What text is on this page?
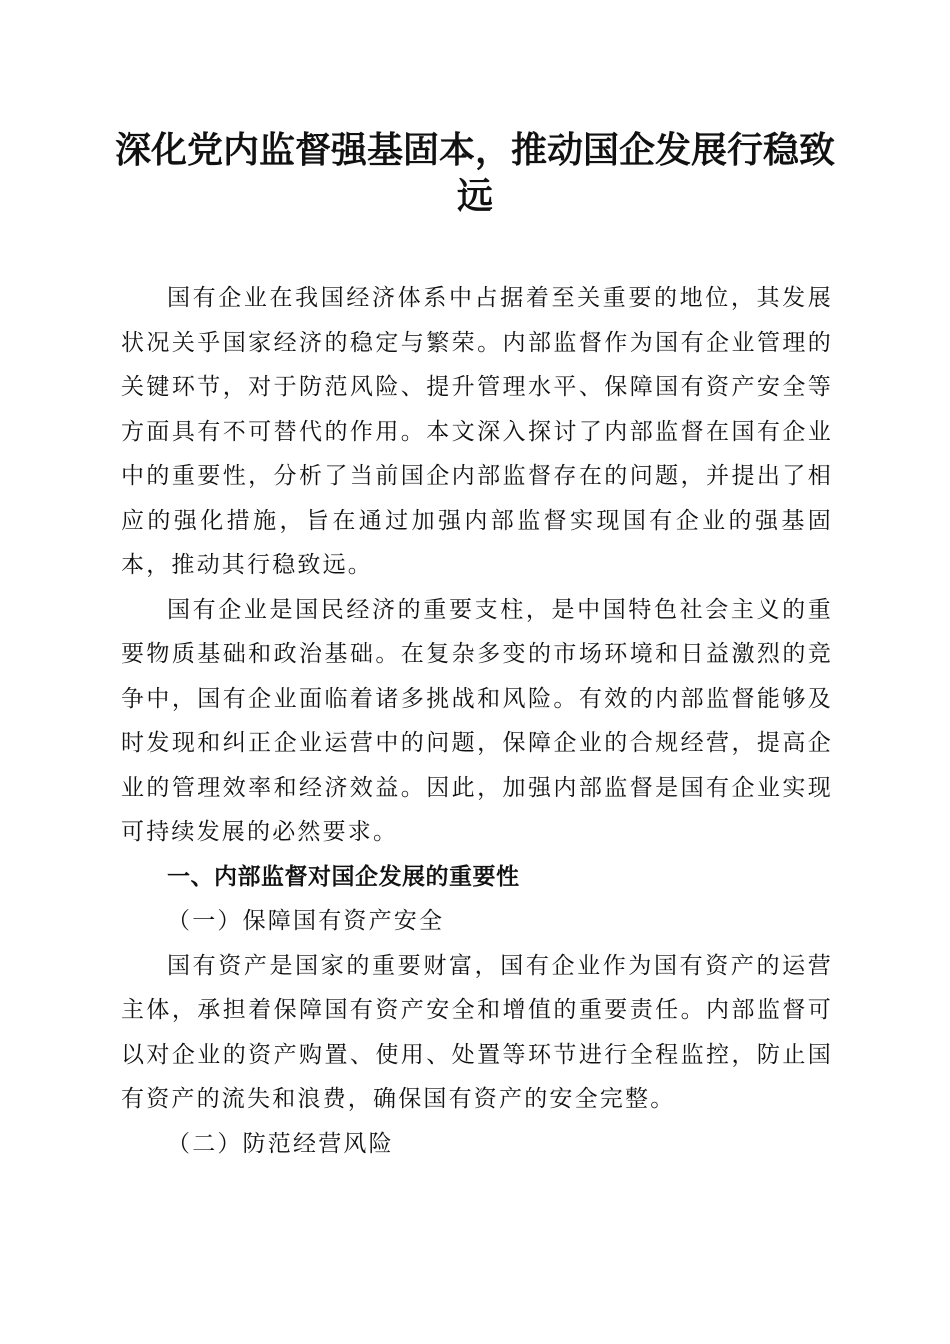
深化党内监督强基固本，推动国企发展行稳致远

国有企业在我国经济体系中占据着至关重要的地位，其发展状况关乎国家经济的稳定与繁荣。内部监督作为国有企业管理的关键环节，对于防范风险、提升管理水平、保障国有资产安全等方面具有不可替代的作用。本文深入探讨了内部监督在国有企业中的重要性，分析了当前国企内部监督存在的问题，并提出了相应的强化措施，旨在通过加强内部监督实现国有企业的强基固本，推动其行稳致远。

国有企业是国民经济的重要支柱，是中国特色社会主义的重要物质基础和政治基础。在复杂多变的市场环境和日益激烈的竞争中，国有企业面临着诸多挑战和风险。有效的内部监督能够及时发现和纠正企业运营中的问题，保障企业的合规经营，提高企业的管理效率和经济效益。因此，加强内部监督是国有企业实现可持续发展的必然要求。

一、内部监督对国企发展的重要性

（一）保障国有资产安全

国有资产是国家的重要财富，国有企业作为国有资产的运营主体，承担着保障国有资产安全和增值的重要责任。内部监督可以对企业的资产购置、使用、处置等环节进行全程监控，防止国有资产的流失和浪费，确保国有资产的安全完整。

（二）防范经营风险
